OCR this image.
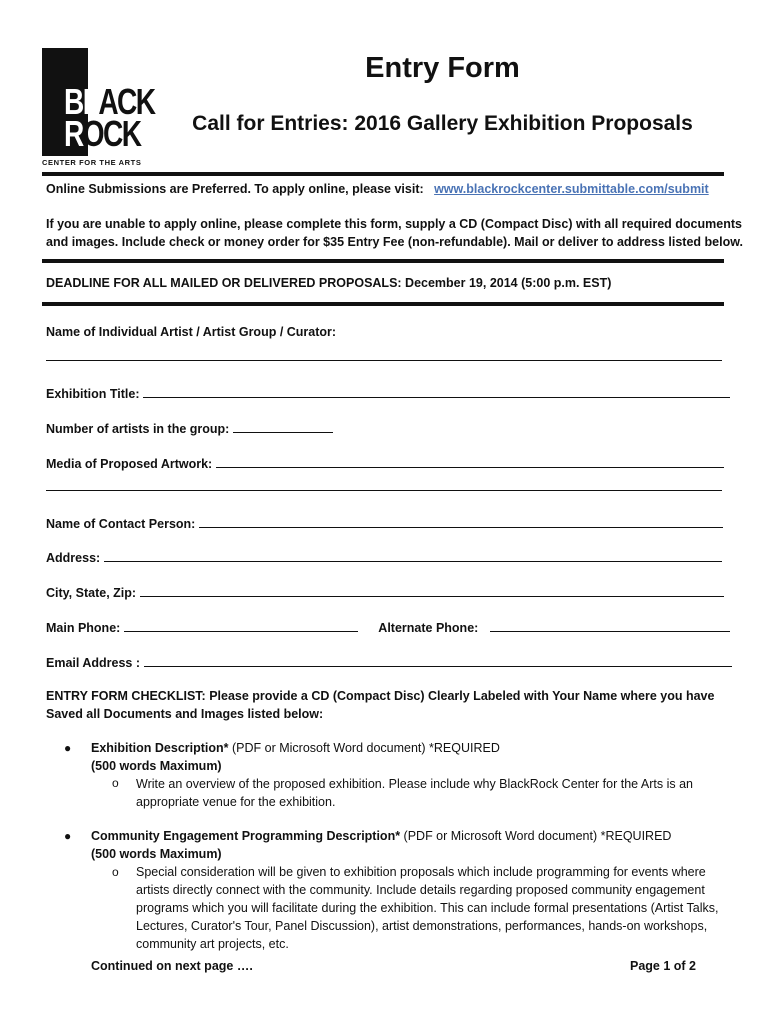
BLACK
ROCK
CENTER FOR THE ARTS
Entry Form
Call for Entries: 2016 Gallery Exhibition Proposals
Online Submissions are Preferred. To apply online, please visit: www.blackrockcenter.submittable.com/submit
If you are unable to apply online, please complete this form, supply a CD (Compact Disc) with all required documents
and images. Include check or money order for $35 Entry Fee (non-refundable). Mail or deliver to address listed below.
DEADLINE FOR ALL MAILED OR DELIVERED PROPOSALS: December 19, 2014 (5:00 p.m. EST)
Name of Individual Artist / Artist Group / Curator:
Exhibition Title:
Number of artists in the group:
Media of Proposed Artwork:
Name of Contact Person:
Address:
City, State, Zip:
Main Phone:	Alternate Phone:
Email Address :
ENTRY FORM CHECKLIST: Please provide a CD (Compact Disc) Clearly Labeled with Your Name where you have
Saved all Documents and Images listed below:
● Exhibition Description* (PDF or Microsoft Word document) *REQUIRED
(500 words Maximum)
o Write an overview of the proposed exhibition. Please include why BlackRock Center for the Arts is an appropriate venue for the exhibition.
● Community Engagement Programming Description* (PDF or Microsoft Word document) *REQUIRED
(500 words Maximum)
o Special consideration will be given to exhibition proposals which include programming for events where artists directly connect with the community. Include details regarding proposed community engagement programs which you will facilitate during the exhibition. This can include formal presentations (Artist Talks, Lectures, Curator's Tour, Panel Discussion), artist demonstrations, performances, hands-on workshops, community art projects, etc.
Continued on next page ….	Page 1 of 2
